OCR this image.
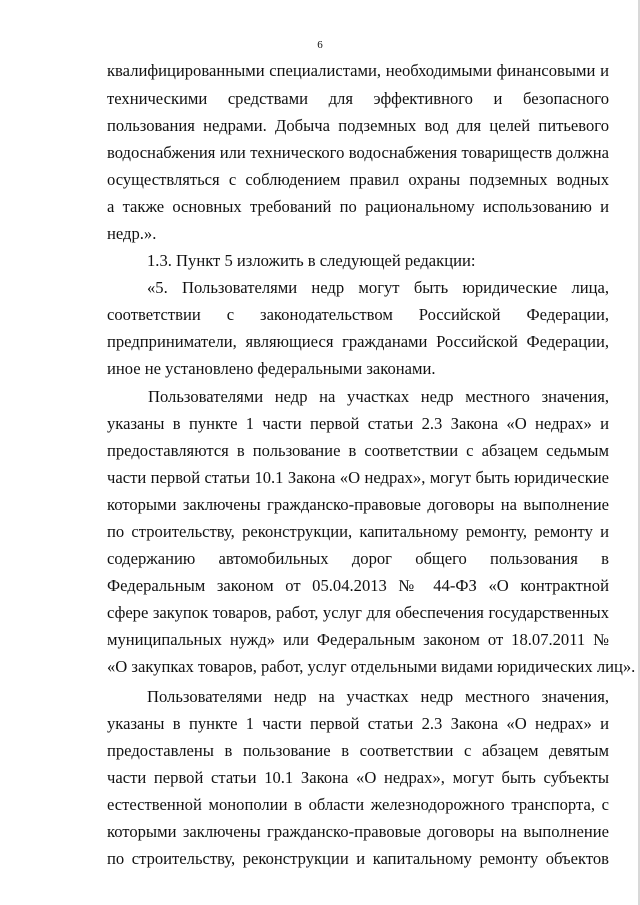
6
квалифицированными специалистами, необходимыми финансовыми и
техническими средствами для эффективного и безопасного
пользования недрами. Добыча подземных вод для целей питьевого
водоснабжения или технического водоснабжения товариществ должна
осуществляться с соблюдением правил охраны подземных водных
а также основных требований по рациональному использованию и
недр.».
1.3. Пункт 5 изложить в следующей редакции:
«5. Пользователями недр могут быть юридические лица,
соответствии с законодательством Российской Федерации,
предприниматели, являющиеся гражданами Российской Федерации,
иное не установлено федеральными законами.
Пользователями недр на участках недр местного значения,
указаны в пункте 1 части первой статьи 2.3 Закона «О недрах» и
предоставляются в пользование в соответствии с абзацем седьмым
части первой статьи 10.1 Закона «О недрах», могут быть юридические
которыми заключены гражданско-правовые договоры на выполнение
по строительству, реконструкции, капитальному ремонту, ремонту и
содержанию автомобильных дорог общего пользования в
Федеральным законом от 05.04.2013 № 44-ФЗ «О контрактной
сфере закупок товаров, работ, услуг для обеспечения государственных
муниципальных нужд» или Федеральным законом от 18.07.2011 №
«О закупках товаров, работ, услуг отдельными видами юридических лиц».
Пользователями недр на участках недр местного значения,
указаны в пункте 1 части первой статьи 2.3 Закона «О недрах» и
предоставлены в пользование в соответствии с абзацем девятым
части первой статьи 10.1 Закона «О недрах», могут быть субъекты
естественной монополии в области железнодорожного транспорта, с
которыми заключены гражданско-правовые договоры на выполнение
по строительству, реконструкции и капитальному ремонту объектов
